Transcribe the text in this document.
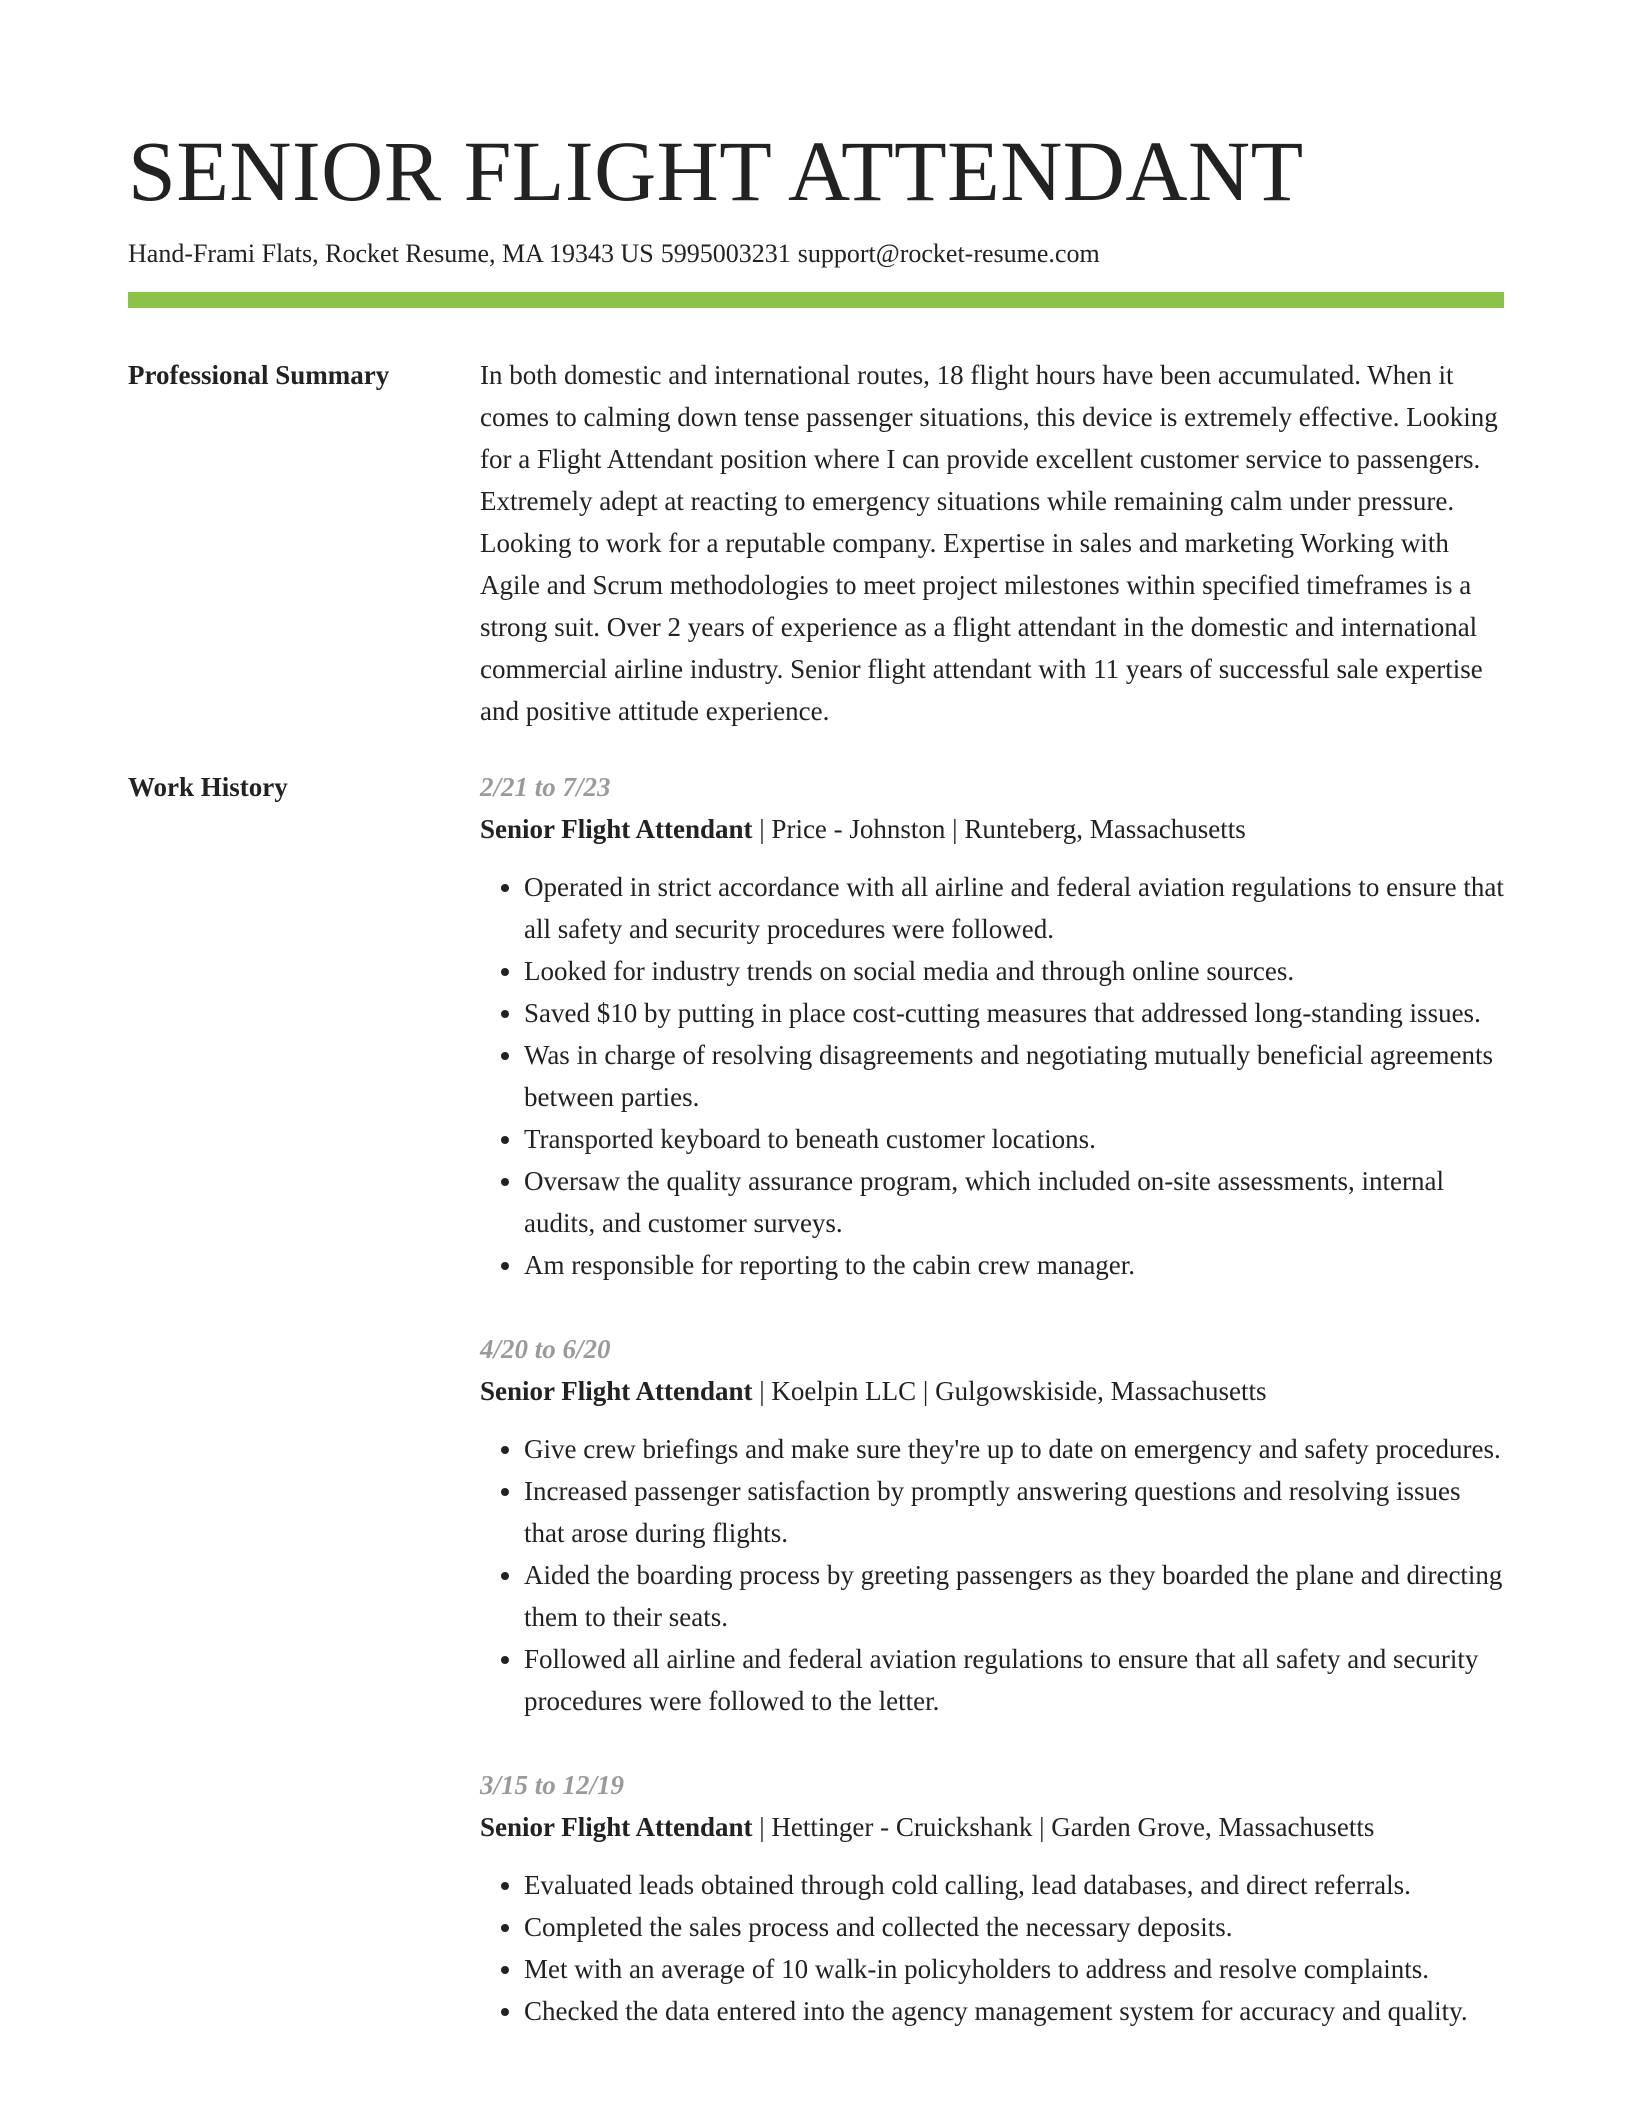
SENIOR FLIGHT ATTENDANT
Hand-Frami Flats, Rocket Resume, MA 19343 US 5995003231 support@rocket-resume.com
Professional Summary	In both domestic and international routes, 18 flight hours have been accumulated. When it comes to calming down tense passenger situations, this device is extremely effective. Looking for a Flight Attendant position where I can provide excellent customer service to passengers. Extremely adept at reacting to emergency situations while remaining calm under pressure. Looking to work for a reputable company. Expertise in sales and marketing Working with Agile and Scrum methodologies to meet project milestones within specified timeframes is a strong suit. Over 2 years of experience as a flight attendant in the domestic and international commercial airline industry. Senior flight attendant with 11 years of successful sale expertise and positive attitude experience.

Work History	2/21 to 7/23
Senior Flight Attendant | Price - Johnston | Runteberg, Massachusetts
• Operated in strict accordance with all airline and federal aviation regulations to ensure that all safety and security procedures were followed.
• Looked for industry trends on social media and through online sources.
• Saved $10 by putting in place cost-cutting measures that addressed long-standing issues.
• Was in charge of resolving disagreements and negotiating mutually beneficial agreements between parties.
• Transported keyboard to beneath customer locations.
• Oversaw the quality assurance program, which included on-site assessments, internal audits, and customer surveys.
• Am responsible for reporting to the cabin crew manager.
4/20 to 6/20
Senior Flight Attendant | Koelpin LLC | Gulgowskiside, Massachusetts
• Give crew briefings and make sure they're up to date on emergency and safety procedures.
• Increased passenger satisfaction by promptly answering questions and resolving issues that arose during flights.
• Aided the boarding process by greeting passengers as they boarded the plane and directing them to their seats.
• Followed all airline and federal aviation regulations to ensure that all safety and security procedures were followed to the letter.
3/15 to 12/19
Senior Flight Attendant | Hettinger - Cruickshank | Garden Grove, Massachusetts
• Evaluated leads obtained through cold calling, lead databases, and direct referrals.
• Completed the sales process and collected the necessary deposits.
• Met with an average of 10 walk-in policyholders to address and resolve complaints.
• Checked the data entered into the agency management system for accuracy and quality.
